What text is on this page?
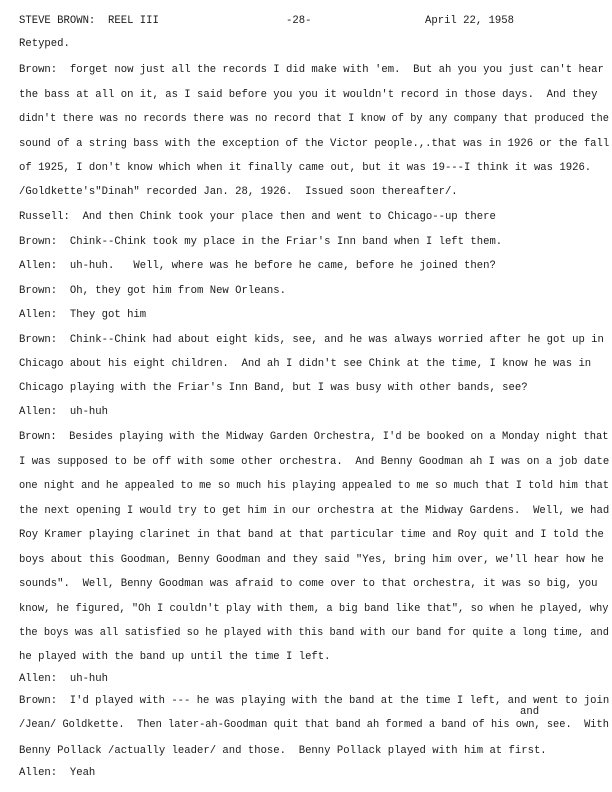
STEVE BROWN:  REEL III	-28-	April 22, 1958
Retyped.
Brown:  forget now just all the records I did make with 'em.  But ah you you just can't hear
the bass at all on it, as I said before you you it wouldn't record in those days.  And they
didn't there was no records there was no record that I know of by any company that produced the
sound of a string bass with the exception of the Victor people.,.that was in 1926 or the fall
of 1925, I don't know which when it finally came out, but it was 19---I think it was 1926.
/Goldkette's"Dinah" recorded Jan. 28, 1926.  Issued soon thereafter/.
Russell:  And then Chink took your place then and went to Chicago--up there
Brown:  Chink--Chink took my place in the Friar's Inn band when I left them.
Allen:  uh-huh.   Well, where was he before he came, before he joined then?
Brown:  Oh, they got him from New Orleans.
Allen:  They got him
Brown:  Chink--Chink had about eight kids, see, and he was always worried after he got up in
Chicago about his eight children.  And ah I didn't see Chink at the time, I know he was in
Chicago playing with the Friar's Inn Band, but I was busy with other bands, see?
Allen:  uh-huh
Brown:  Besides playing with the Midway Garden Orchestra, I'd be booked on a Monday night that
I was supposed to be off with some other orchestra.  And Benny Goodman ah I was on a job date
one night and he appealed to me so much his playing appealed to me so much that I told him that
the next opening I would try to get him in our orchestra at the Midway Gardens.  Well, we had
Roy Kramer playing clarinet in that band at that particular time and Roy quit and I told the
boys about this Goodman, Benny Goodman and they said "Yes, bring him over, we'll hear how he
sounds".  Well, Benny Goodman was afraid to come over to that orchestra, it was so big, you
know, he figured, "Oh I couldn't play with them, a big band like that", so when he played, why
the boys was all satisfied so he played with this band with our band for quite a long time, and
he played with the band up until the time I left.
Allen:  uh-huh
Brown:  I'd played with --- he was playing with the band at the time I left, and went to join
and
/Jean/ Goldkette.  Then later-ah-Goodman quit that band ah formed a band of his own, see.  With
Benny Pollack /actually leader/ and those.  Benny Pollack played with him at first.
Allen:  Yeah
